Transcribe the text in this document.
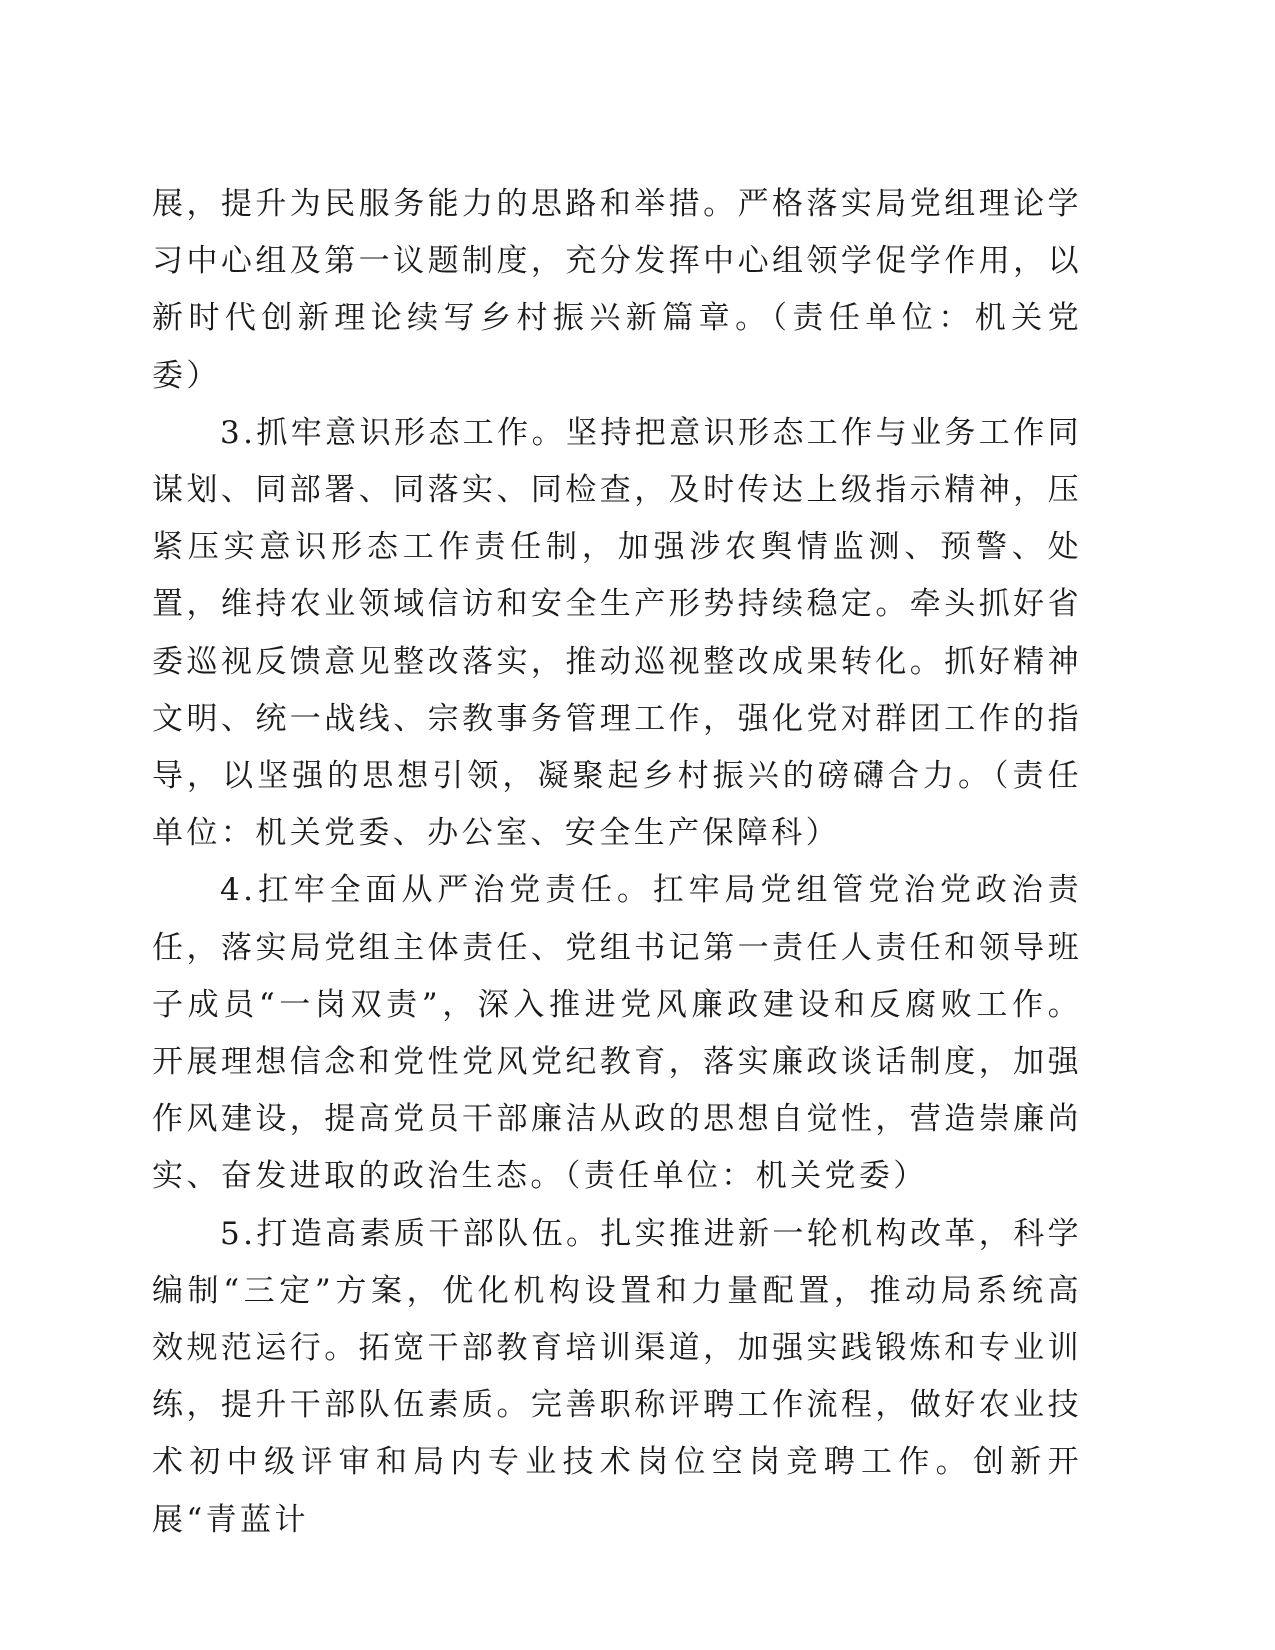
展，提升为民服务能力的思路和举措。严格落实局党组理论学习中心组及第一议题制度，充分发挥中心组领学促学作用，以新时代创新理论续写乡村振兴新篇章。（责任单位：机关党委）

3.抓牢意识形态工作。坚持把意识形态工作与业务工作同谋划、同部署、同落实、同检查，及时传达上级指示精神，压紧压实意识形态工作责任制，加强涉农舆情监测、预警、处置，维持农业领域信访和安全生产形势持续稳定。牵头抓好省委巡视反馈意见整改落实，推动巡视整改成果转化。抓好精神文明、统一战线、宗教事务管理工作，强化党对群团工作的指导，以坚强的思想引领，凝聚起乡村振兴的磅礴合力。（责任单位：机关党委、办公室、安全生产保障科）

4.扛牢全面从严治党责任。扛牢局党组管党治党政治责任，落实局党组主体责任、党组书记第一责任人责任和领导班子成员“一岗双责”，深入推进党风廉政建设和反腐败工作。开展理想信念和党性党风党纪教育，落实廉政谈话制度，加强作风建设，提高党员干部廉洁从政的思想自觉性，营造崇廉尚实、奋发进取的政治生态。（责任单位：机关党委）

5.打造高素质干部队伍。扎实推进新一轮机构改革，科学编制“三定”方案，优化机构设置和力量配置，推动局系统高效规范运行。拓宽干部教育培训渠道，加强实践锻炼和专业训练，提升干部队伍素质。完善职称评聘工作流程，做好农业技术初中级评审和局内专业技术岗位空岗竞聘工作。创新开展“青蓝计
